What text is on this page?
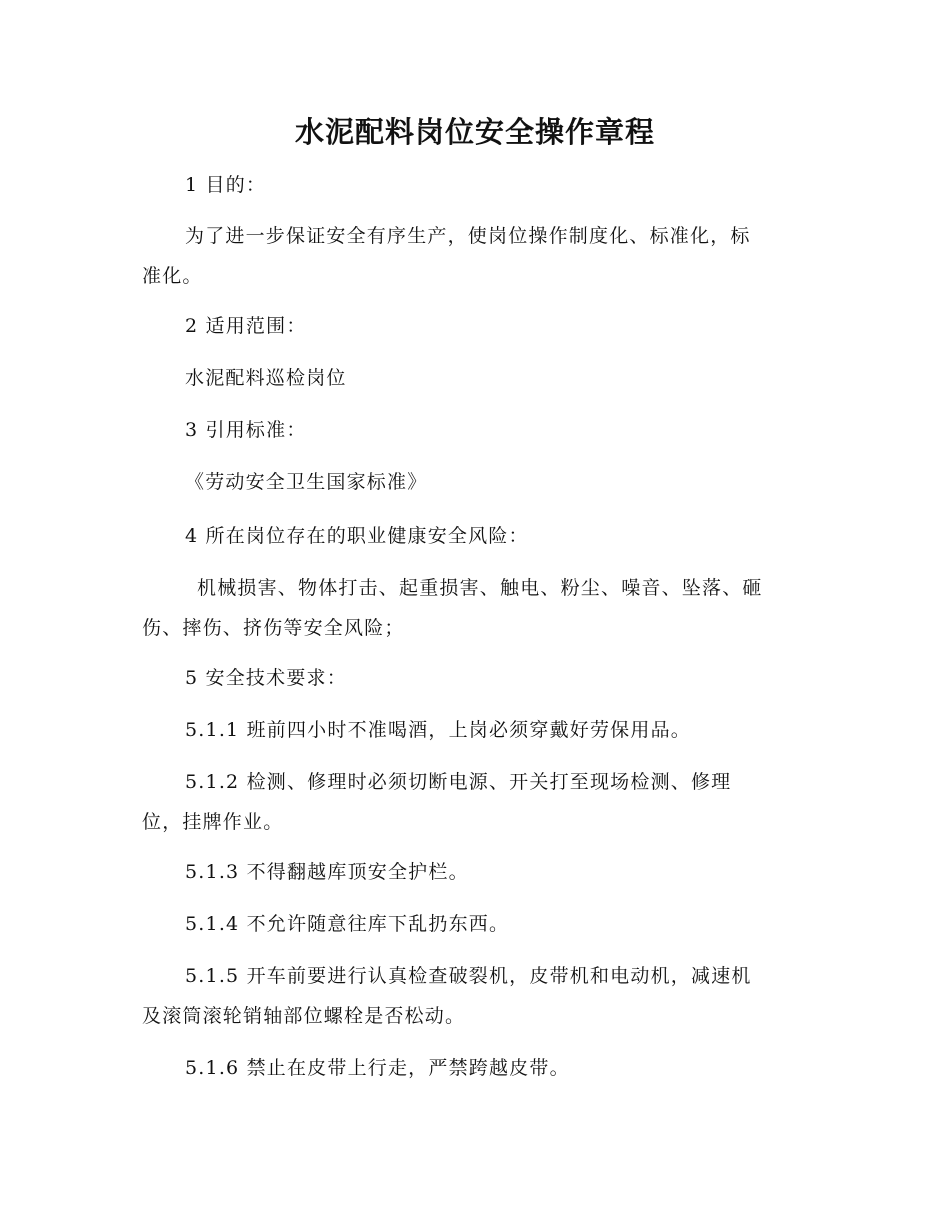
水泥配料岗位安全操作章程
1 目的：
为了进一步保证安全有序生产，使岗位操作制度化、标准化，标
准化。
2 适用范围：
水泥配料巡检岗位
3 引用标准：
《劳动安全卫生国家标准》
4 所在岗位存在的职业健康安全风险：
机械损害、物体打击、起重损害、触电、粉尘、噪音、坠落、砸
伤、摔伤、挤伤等安全风险；
5 安全技术要求：
5.1.1 班前四小时不准喝酒，上岗必须穿戴好劳保用品。
5.1.2 检测、修理时必须切断电源、开关打至现场检测、修理
位，挂牌作业。
5.1.3 不得翻越库顶安全护栏。
5.1.4 不允许随意往库下乱扔东西。
5.1.5 开车前要进行认真检查破裂机，皮带机和电动机，减速机
及滚筒滚轮销轴部位螺栓是否松动。
5.1.6 禁止在皮带上行走，严禁跨越皮带。
